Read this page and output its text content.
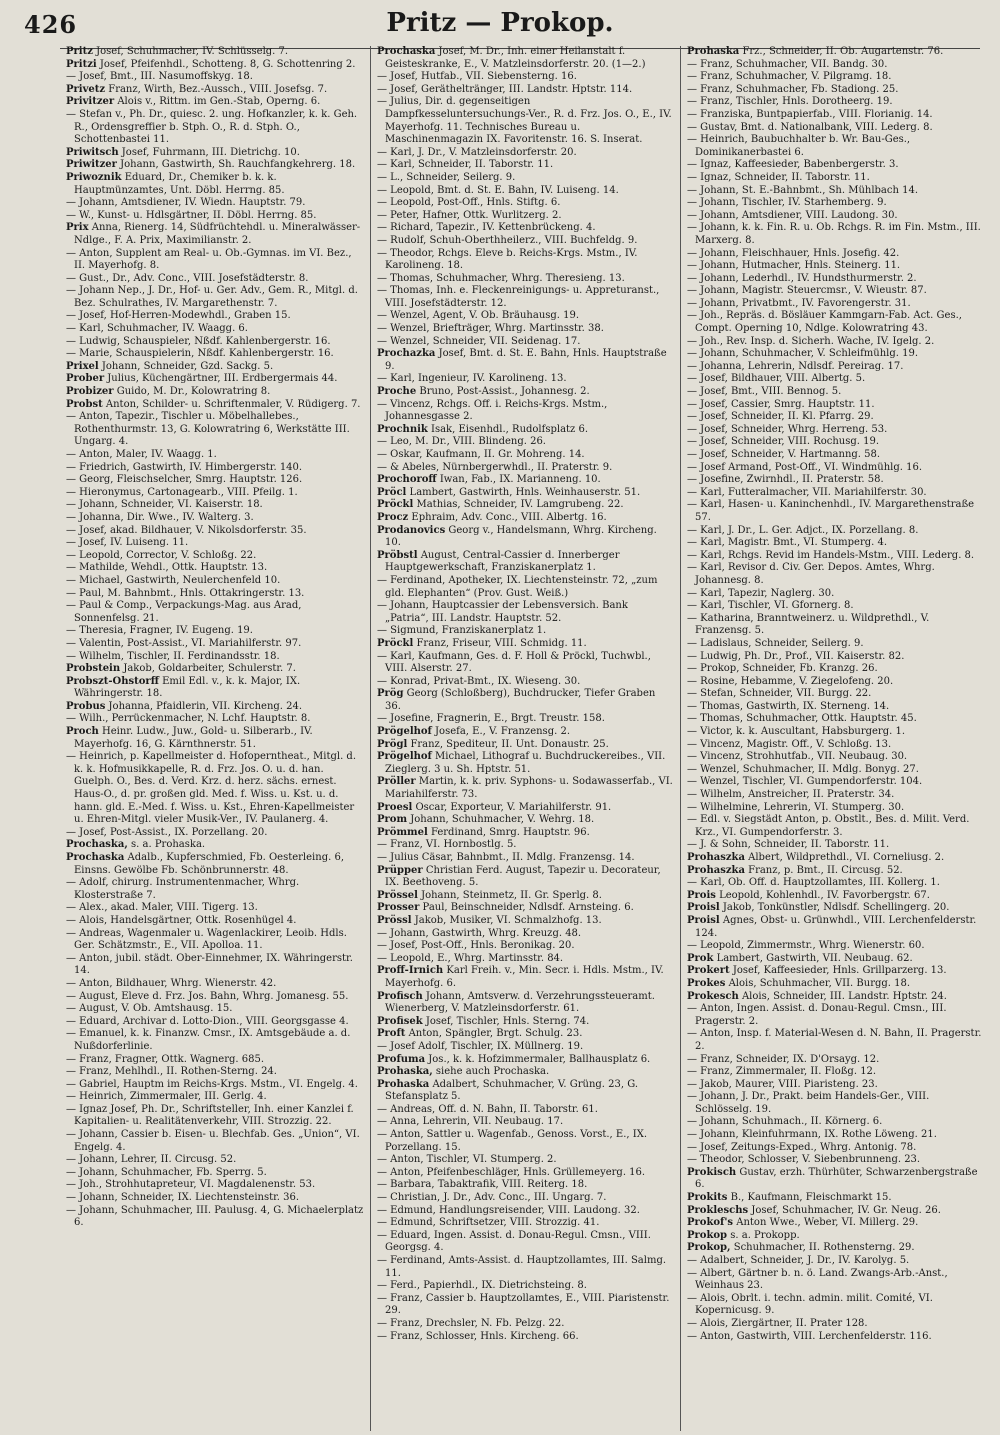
426	Pritz — Prokop.

Pritz Josef, Schuhmacher, IV. Schlüsselg. 7.

Pritzi Josef, Pfeifenhdl., Schotteng. 8, G. Schottenring 2.

— Josef, Bmt., III. Nasumoffskyg. 18.

Privetz Franz, Wirth, Bez.-Aussch., VIII. Josefsg. 7.

Privitzer Alois v., Rittm. im Gen.-Stab, Operng. 6.

— Stefan v., Ph. Dr., quiesc. 2. ung. Hofkanzler, k. k. Geh. R., Ordensgreffier b. Stph. O., R. d. Stph. O., Schottenbastei 11.

Priwitsch Josef, Fuhrmann, III. Dietrichg. 10.

Priwitzer Johann, Gastwirth, Sh. Rauchfangkehrerg. 18.

Priwoznik Eduard, Dr., Chemiker b. k. k. Hauptmünzamtes, Unt. Döbl. Herrng. 85.

— Johann, Amtsdiener, IV. Wiedn. Hauptstr. 79.

— W., Kunst- u. Hdlsgärtner, II. Döbl. Herrng. 85.

Prix Anna, Rienerg. 14, Südfrüchtehdl. u. Mineralwässer-Ndlge., F. A. Prix, Maximilianstr. 2.

— Anton, Supplent am Real- u. Ob.-Gymnas. im VI. Bez., II. Mayerhofg. 8.

— Gust., Dr., Adv. Conc., VIII. Josefstädterstr. 8.

— Johann Nep., J. Dr., Hof- u. Ger. Adv., Gem. R., Mitgl. d. Bez. Schulrathes, IV. Margarethenstr. 7.

— Josef, Hof-Herren-Modewhdl., Graben 15.

— Karl, Schuhmacher, IV. Waagg. 6.

— Ludwig, Schauspieler, Nßdf. Kahlenbergerstr. 16.

— Marie, Schauspielerin, Nßdf. Kahlenbergerstr. 16.

Prixel Johann, Schneider, Gzd. Sackg. 5.

Prober Julius, Küchengärtner, III. Erdbergermais 44.

Probizer Guido, M. Dr., Kolowratring 8.

Probst Anton, Schilder- u. Schriftenmaler, V. Rüdigerg. 7.

— Anton, Tapezir., Tischler u. Möbelhallebes., Rothenthurmstr. 13, G. Kolowratring 6, Werkstätte III. Ungarg. 4.

— Anton, Maler, IV. Waagg. 1.

— Friedrich, Gastwirth, IV. Himbergerstr. 140.

— Georg, Fleischselcher, Smrg. Hauptstr. 126.

— Hieronymus, Cartonagearb., VIII. Pfeilg. 1.

— Johann, Schneider, VI. Kaiserstr. 18.

— Johanna, Dir. Wwe., IV. Walterg. 3.

— Josef, akad. Bildhauer, V. Nikolsdorferstr. 35.

— Josef, IV. Luiseng. 11.

— Leopold, Corrector, V. Schloßg. 22.

— Mathilde, Wehdl., Ottk. Hauptstr. 13.

— Michael, Gastwirth, Neulerchenfeld 10.

— Paul, M. Bahnbmt., Hnls. Ottakringerstr. 13.

— Paul & Comp., Verpackungs-Mag. aus Arad, Sonnenfelsg. 21.

— Theresia, Fragner, IV. Eugeng. 19.

— Valentin, Post-Assist., VI. Mariahilferstr. 97.

— Wilhelm, Tischler, II. Ferdinandsstr. 18.

Probstein Jakob, Goldarbeiter, Schulerstr. 7.

Probszt-Ohstorff Emil Edl. v., k. k. Major, IX. Währingerstr. 18.

Probus Johanna, Pfaidlerin, VII. Kircheng. 24.

— Wilh., Perrückenmacher, N. Lchf. Hauptstr. 8.

Proch Heinr. Ludw., Juw., Gold- u. Silberarb., IV. Mayerhofg. 16, G. Kärnthnerstr. 51.

— Heinrich, p. Kapellmeister d. Hofoperntheat., Mitgl. d. k. k. Hofmusikkapelle, R. d. Frz. Jos. O. u. d. han. Guelph. O., Bes. d. Verd. Krz. d. herz. sächs. ernest. Haus-O., d. pr. großen gld. Med. f. Wiss. u. Kst. u. d. hann. gld. E.-Med. f. Wiss. u. Kst., Ehren-Kapellmeister u. Ehren-Mitgl. vieler Musik-Ver., IV. Paulanerg. 4.

— Josef, Post-Assist., IX. Porzellang. 20.

Prochaska, s. a. Prohaska.

Prochaska Adalb., Kupferschmied, Fb. Oesterleing. 6, Einsns. Gewölbe Fb. Schönbrunnerstr. 48.

— Adolf, chirurg. Instrumentenmacher, Whrg. Klosterstraße 7.

— Alex., akad. Maler, VIII. Tigerg. 13.

— Alois, Handelsgärtner, Ottk. Rosenhügel 4.

— Andreas, Wagenmaler u. Wagenlackirer, Leoib. Hdls. Ger. Schätzmstr., E., VII. Apolloa. 11.

— Anton, jubil. städt. Ober-Einnehmer, IX. Währingerstr. 14.

— Anton, Bildhauer, Whrg. Wienerstr. 42.

— August, Eleve d. Frz. Jos. Bahn, Whrg. Jomanesg. 55.

— August, V. Ob. Amtshausg. 15.

— Eduard, Archivar d. Lotto-Dion., VIII. Georgsgasse 4.

— Emanuel, k. k. Finanzw. Cmsr., IX. Amtsgebäude a. d. Nußdorferlinie.

— Franz, Fragner, Ottk. Wagnerg. 685.

— Franz, Mehlhdl., II. Rothen-Sterng. 24.

— Gabriel, Hauptm im Reichs-Krgs. Mstm., VI. Engelg. 4.

— Heinrich, Zimmermaler, III. Gerlg. 4.

— Ignaz Josef, Ph. Dr., Schriftsteller, Inh. einer Kanzlei f. Kapitalien- u. Realitätenverkehr, VIII. Strozzig. 22.

— Johann, Cassier b. Eisen- u. Blechfab. Ges. „Union“, VI. Engelg. 4.

— Johann, Lehrer, II. Circusg. 52.

— Johann, Schuhmacher, Fb. Sperrg. 5.

— Joh., Strohhutapreteur, VI. Magdalenenstr. 53.

— Johann, Schneider, IX. Liechtensteinstr. 36.

— Johann, Schuhmacher, III. Paulusg. 4, G. Michaelerplatz 6.

Prochaska Josef, M. Dr., Inh. einer Heilanstalt f. Geisteskranke, E., V. Matzleinsdorferstr. 20. (1—2.)

— Josef, Hutfab., VII. Siebensterng. 16.

— Josef, Gerätheltränger, III. Landstr. Hptstr. 114.

— Julius, Dir. d. gegenseitigen Dampfkesseluntersuchungs-Ver., R. d. Frz. Jos. O., E., IV. Mayerhofg. 11. Technisches Bureau u. Maschinenmagazin IX. Favoritenstr. 16. S. Inserat.

— Karl, J. Dr., V. Matzleinsdorferstr. 20.

— Karl, Schneider, II. Taborstr. 11.

— L., Schneider, Seilerg. 9.

— Leopold, Bmt. d. St. E. Bahn, IV. Luiseng. 14.

— Leopold, Post-Off., Hnls. Stiftg. 6.

— Peter, Hafner, Ottk. Wurlitzerg. 2.

— Richard, Tapezir., IV. Kettenbrückeng. 4.

— Rudolf, Schuh-Oberthheilerz., VIII. Buchfeldg. 9.

— Theodor, Rchgs. Eleve b. Reichs-Krgs. Mstm., IV. Karolineng. 18.

— Thomas, Schuhmacher, Whrg. Theresieng. 13.

— Thomas, Inh. e. Fleckenreinigungs- u. Appreturanst., VIII. Josefstädterstr. 12.

— Wenzel, Agent, V. Ob. Bräuhausg. 19.

— Wenzel, Briefträger, Whrg. Martinsstr. 38.

— Wenzel, Schneider, VII. Seidenag. 17.

Prochazka Josef, Bmt. d. St. E. Bahn, Hnls. Hauptstraße 9.

— Karl, Ingenieur, IV. Karolineng. 13.

Proche Bruno, Post-Assist., Johannesg. 2.

— Vincenz, Rchgs. Off. i. Reichs-Krgs. Mstm., Johannesgasse 2.

Prochnik Isak, Eisenhdl., Rudolfsplatz 6.

— Leo, M. Dr., VIII. Blindeng. 26.

— Oskar, Kaufmann, II. Gr. Mohreng. 14.

— & Abeles, Nürnbergerwhdl., II. Praterstr. 9.

Prochoroff Iwan, Fab., IX. Marianneng. 10.

Pröcl Lambert, Gastwirth, Hnls. Weinhauserstr. 51.

Pröckl Mathias, Schneider, IV. Lamgrubeng. 22.

Procz Ephraim, Adv. Conc., VIII. Albertg. 16.

Prodanovics Georg v., Handelsmann, Whrg. Kircheng. 10.

Pröbstl August, Central-Cassier d. Innerberger Hauptgewerkschaft, Franziskanerplatz 1.

— Ferdinand, Apotheker, IX. Liechtensteinstr. 72, „zum gld. Elephanten“ (Prov. Gust. Weiß.)

— Johann, Hauptcassier der Lebensversich. Bank „Patria“, III. Landstr. Hauptstr. 52.

— Sigmund, Franziskanerplatz 1.

Pröckl Franz, Friseur, VIII. Schmidg. 11.

— Karl, Kaufmann, Ges. d. F. Holl & Pröckl, Tuchwbl., VIII. Alserstr. 27.

— Konrad, Privat-Bmt., IX. Wieseng. 30.

Prög Georg (Schloßberg), Buchdrucker, Tiefer Graben 36.

— Josefine, Fragnerin, E., Brgt. Treustr. 158.

Prögelhof Josefa, E., V. Franzensg. 2.

Prögl Franz, Spediteur, II. Unt. Donaustr. 25.

Prögelhof Michael, Lithograf u. Buchdruckereibes., VII. Zieglerg. 3 u. Sh. Hptstr. 51.

Pröller Martin, k. k. priv. Syphons- u. Sodawasserfab., VI. Mariahilferstr. 73.

Proesl Oscar, Exporteur, V. Mariahilferstr. 91.

Prom Johann, Schuhmacher, V. Wehrg. 18.

Prömmel Ferdinand, Smrg. Hauptstr. 96.

— Franz, VI. Hornbostlg. 5.

— Julius Cäsar, Bahnbmt., II. Mdlg. Franzensg. 14.

Prüpper Christian Ferd. August, Tapezir u. Decorateur, IX. Beethoveng. 5.

Prössel Johann, Steinmetz, II. Gr. Sperlg. 8.

Prosser Paul, Beinschneider, Ndlsdf. Arnsteing. 6.

Prössl Jakob, Musiker, VI. Schmalzhofg. 13.

— Johann, Gastwirth, Whrg. Kreuzg. 48.

— Josef, Post-Off., Hnls. Beronikag. 20.

— Leopold, E., Whrg. Martinsstr. 84.

Proff-Irnich Karl Freih. v., Min. Secr. i. Hdls. Mstm., IV. Mayerhofg. 6.

Profisch Johann, Amtsverw. d. Verzehrungssteueramt. Wienerberg, V. Matzleinsdorferstr. 61.

Profisek Josef, Tischler, Hnls. Sterng. 74.

Proft Anton, Spängler, Brgt. Schulg. 23.

— Josef Adolf, Tischler, IX. Müllnerg. 19.

Profuma Jos., k. k. Hofzimmermaler, Ballhausplatz 6.

Prohaska, siehe auch Prochaska.

Prohaska Adalbert, Schuhmacher, V. Grüng. 23, G. Stefansplatz 5.

— Andreas, Off. d. N. Bahn, II. Taborstr. 61.

— Anna, Lehrerin, VII. Neubaug. 17.

— Anton, Sattler u. Wagenfab., Genoss. Vorst., E., IX. Porzellang. 15.

— Anton, Tischler, VI. Stumperg. 2.

— Anton, Pfeifenbeschläger, Hnls. Grüllemeyerg. 16.

— Barbara, Tabaktrafik, VIII. Reiterg. 18.

— Christian, J. Dr., Adv. Conc., III. Ungarg. 7.

— Edmund, Handlungsreisender, VIII. Laudong. 32.

— Edmund, Schriftsetzer, VIII. Strozzig. 41.

— Eduard, Ingen. Assist. d. Donau-Regul. Cmsn., VIII. Georgsg. 4.

— Ferdinand, Amts-Assist. d. Hauptzollamtes, III. Salmg. 11.

— Ferd., Papierhdl., IX. Dietrichsteing. 8.

— Franz, Cassier b. Hauptzollamtes, E., VIII. Piaristenstr. 29.

— Franz, Drechsler, N. Fb. Pelzg. 22.

— Franz, Schlosser, Hnls. Kircheng. 66.

Prohaska Frz., Schneider, II. Ob. Augartenstr. 76.

— Franz, Schuhmacher, VII. Bandg. 30.

— Franz, Schuhmacher, V. Pilgramg. 18.

— Franz, Schuhmacher, Fb. Stadiong. 25.

— Franz, Tischler, Hnls. Dorotheerg. 19.

— Franziska, Buntpapierfab., VIII. Florianig. 14.

— Gustav, Bmt. d. Nationalbank, VIII. Lederg. 8.

— Heinrich, Baubuchhalter b. Wr. Bau-Ges., Dominikanerbastei 6.

— Ignaz, Kaffeesieder, Babenbergerstr. 3.

— Ignaz, Schneider, II. Taborstr. 11.

— Johann, St. E.-Bahnbmt., Sh. Mühlbach 14.

— Johann, Tischler, IV. Starhemberg. 9.

— Johann, Amtsdiener, VIII. Laudong. 30.

— Johann, k. k. Fin. R. u. Ob. Rchgs. R. im Fin. Mstm., III. Marxerg. 8.

— Johann, Fleischhauer, Hnls. Josefig. 42.

— Johann, Hutmacher, Hnls. Steinerg. 11.

— Johann, Lederhdl., IV. Hundsthurmerstr. 2.

— Johann, Magistr. Steuercmsr., V. Wieustr. 87.

— Johann, Privatbmt., IV. Favorengerstr. 31.

— Joh., Repräs. d. Bösläuer Kammgarn-Fab. Act. Ges., Compt. Operning 10, Ndlge. Kolowratring 43.

— Joh., Rev. Insp. d. Sicherh. Wache, IV. Igelg. 2.

— Johann, Schuhmacher, V. Schleifmühlg. 19.

— Johanna, Lehrerin, Ndlsdf. Pereirag. 17.

— Josef, Bildhauer, VIII. Albertg. 5.

— Josef, Bmt., VIII. Bennog. 5.

— Josef, Cassier, Smrg. Hauptstr. 11.

— Josef, Schneider, II. Kl. Pfarrg. 29.

— Josef, Schneider, Whrg. Herreng. 53.

— Josef, Schneider, VIII. Rochusg. 19.

— Josef, Schneider, V. Hartmanng. 58.

— Josef Armand, Post-Off., VI. Windmühlg. 16.

— Josefine, Zwirnhdl., II. Praterstr. 58.

— Karl, Futteralmacher, VII. Mariahilferstr. 30.

— Karl, Hasen- u. Kaninchenhdl., IV. Margarethenstraße 57.

— Karl, J. Dr., L. Ger. Adjct., IX. Porzellang. 8.

— Karl, Magistr. Bmt., VI. Stumperg. 4.

— Karl, Rchgs. Revid im Handels-Mstm., VIII. Lederg. 8.

— Karl, Revisor d. Civ. Ger. Depos. Amtes, Whrg. Johannesg. 8.

— Karl, Tapezir, Naglerg. 30.

— Karl, Tischler, VI. Gfornerg. 8.

— Katharina, Branntweinerz. u. Wildprethdl., V. Franzensg. 5.

— Ladislaus, Schneider, Seilerg. 9.

— Ludwig, Ph. Dr., Prof., VII. Kaiserstr. 82.

— Prokop, Schneider, Fb. Kranzg. 26.

— Rosine, Hebamme, V. Ziegelofeng. 20.

— Stefan, Schneider, VII. Burgg. 22.

— Thomas, Gastwirth, IX. Sterneng. 14.

— Thomas, Schuhmacher, Ottk. Hauptstr. 45.

— Victor, k. k. Auscultant, Habsburgerg. 1.

— Vincenz, Magistr. Off., V. Schloßg. 13.

— Vincenz, Strohhutfab., VII. Neubaug. 30.

— Wenzel, Schuhmacher, II. Mdlg. Bonyg. 27.

— Wenzel, Tischler, VI. Gumpendorferstr. 104.

— Wilhelm, Anstreicher, II. Praterstr. 34.

— Wilhelmine, Lehrerin, VI. Stumperg. 30.

— Edl. v. Siegstädt Anton, p. Obstlt., Bes. d. Milit. Verd. Krz., VI. Gumpendorferstr. 3.

— J. & Sohn, Schneider, II. Taborstr. 11.

Prohaszka Albert, Wildprethdl., VI. Corneliusg. 2.

Prohaszka Franz, p. Bmt., II. Circusg. 52.

— Karl, Ob. Off. d. Hauptzollamtes, III. Kollerg. 1.

Prois Leopold, Kohlenhdl., IV. Favorbergstr. 67.

Proisl Jakob, Tonkünstler, Ndlsdf. Schellingerg. 20.

Proisl Agnes, Obst- u. Grünwhdl., VIII. Lerchenfelderstr. 124.

— Leopold, Zimmermstr., Whrg. Wienerstr. 60.

Prok Lambert, Gastwirth, VII. Neubaug. 62.

Prokert Josef, Kaffeesieder, Hnls. Grillparzerg. 13.

Prokes Alois, Schuhmacher, VII. Burgg. 18.

Prokesch Alois, Schneider, III. Landstr. Hptstr. 24.

— Anton, Ingen. Assist. d. Donau-Regul. Cmsn., III. Pragerstr. 2.

— Anton, Insp. f. Material-Wesen d. N. Bahn, II. Pragerstr. 2.

— Franz, Schneider, IX. D'Orsayg. 12.

— Franz, Zimmermaler, II. Floßg. 12.

— Jakob, Maurer, VIII. Piaristeng. 23.

— Johann, J. Dr., Prakt. beim Handels-Ger., VIII. Schlösselg. 19.

— Johann, Schuhmach., II. Körnerg. 6.

— Johann, Kleinfuhrmann, IX. Rothe Löweng. 21.

— Josef, Zeitungs-Exped., Whrg. Antonig. 78.

— Theodor, Schlosser, V. Siebenbrunneng. 23.

Prokisch Gustav, erzh. Thürhüter, Schwarzenbergstraße 6.

Prokits B., Kaufmann, Fleischmarkt 15.

Prokleschs Josef, Schuhmacher, IV. Gr. Neug. 26.

Prokof's Anton Wwe., Weber, VI. Millerg. 29.

Prokop s. a. Prokopp.

Prokop, Schuhmacher, II. Rothensterng. 29.

— Adalbert, Schneider, J. Dr., IV. Karolyg. 5.

— Albert, Gärtner b. n. ö. Land. Zwangs-Arb.-Anst., Weinhaus 23.

— Alois, Obrlt. i. techn. admin. milit. Comité, VI. Kopernicusg. 9.

— Alois, Ziergärtner, II. Prater 128.

— Anton, Gastwirth, VIII. Lerchenfelderstr. 116.
